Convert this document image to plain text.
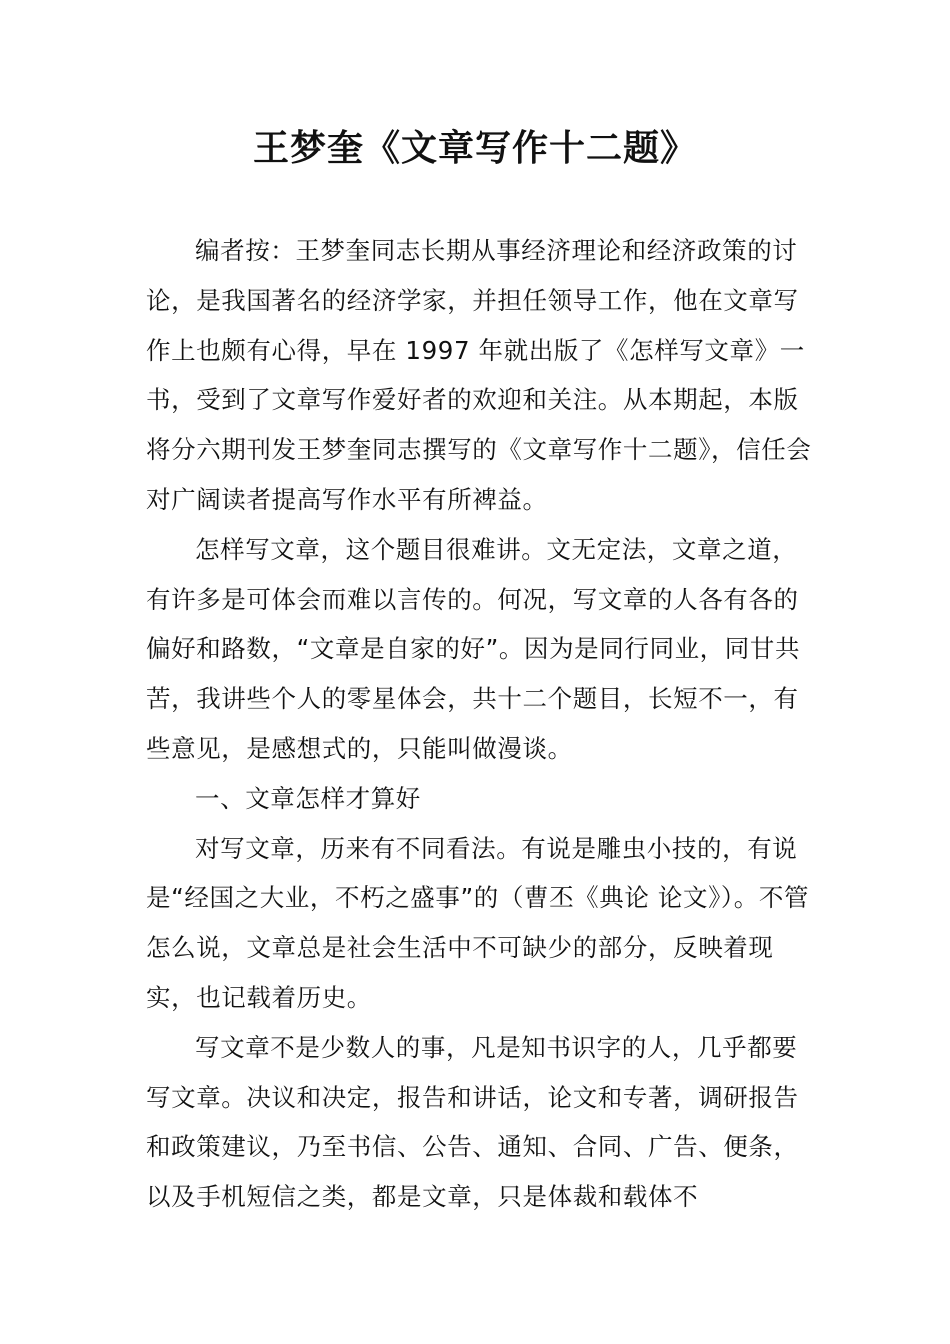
王梦奎《文章写作十二题》

编者按：王梦奎同志长期从事经济理论和经济政策的讨论，是我国著名的经济学家，并担任领导工作，他在文章写作上也颇有心得，早在 1997 年就出版了《怎样写文章》一书，受到了文章写作爱好者的欢迎和关注。从本期起，本版将分六期刊发王梦奎同志撰写的《文章写作十二题》，信任会对广阔读者提高写作水平有所裨益。

怎样写文章，这个题目很难讲。文无定法，文章之道，有许多是可体会而难以言传的。何况，写文章的人各有各的偏好和路数，“文章是自家的好”。因为是同行同业，同甘共苦，我讲些个人的零星体会，共十二个题目，长短不一，有些意见，是感想式的，只能叫做漫谈。

一、文章怎样才算好

对写文章，历来有不同看法。有说是雕虫小技的，有说是“经国之大业，不朽之盛事”的（曹丕《典论 论文》）。不管怎么说，文章总是社会生活中不可缺少的部分，反映着现实，也记载着历史。

写文章不是少数人的事，凡是知书识字的人，几乎都要写文章。决议和决定，报告和讲话，论文和专著，调研报告和政策建议，乃至书信、公告、通知、合同、广告、便条，以及手机短信之类，都是文章，只是体裁和载体不
